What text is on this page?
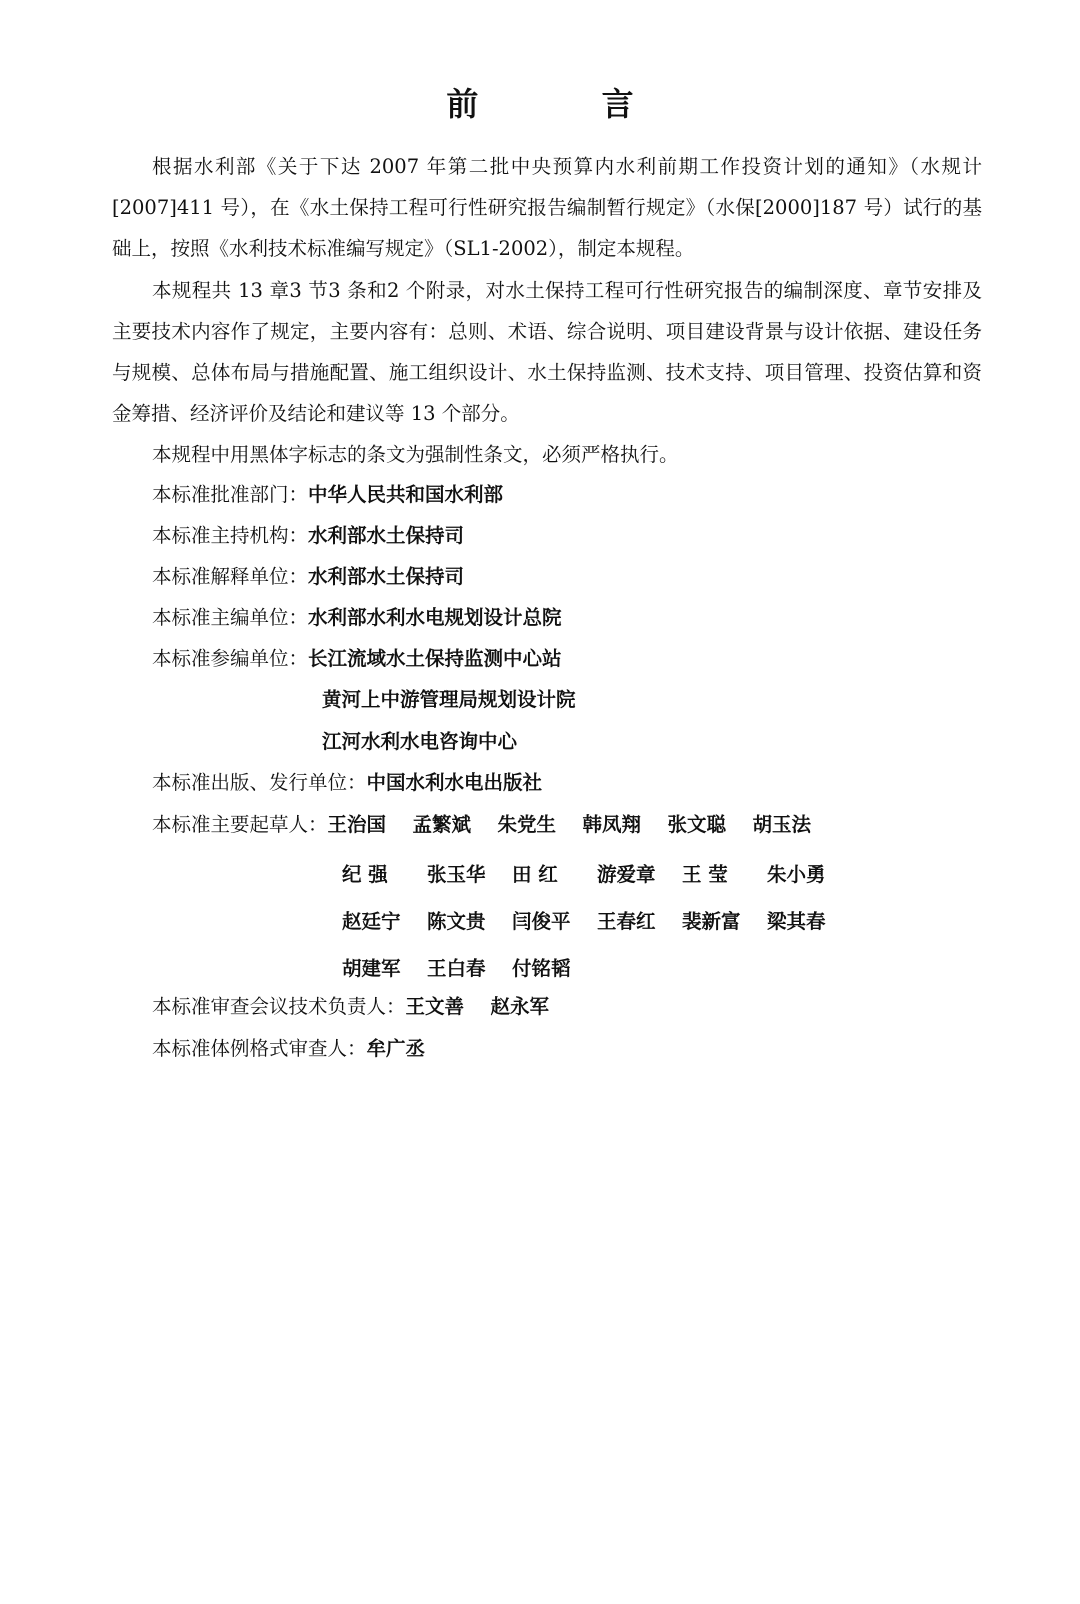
前 言

根据水利部《关于下达 2007 年第二批中央预算内水利前期工作投资计划的通知》（水规计[2007]411 号），在《水土保持工程可行性研究报告编制暂行规定》（水保[2000]187 号）试行的基础上，按照《水利技术标准编写规定》（SL1-2002），制定本规程。

本规程共 13 章3 节3 条和2 个附录，对水土保持工程可行性研究报告的编制深度、章节安排及主要技术内容作了规定，主要内容有：总则、术语、综合说明、项目建设背景与设计依据、建设任务与规模、总体布局与措施配置、施工组织设计、水土保持监测、技术支持、项目管理、投资估算和资金筹措、经济评价及结论和建议等 13 个部分。

本规程中用黑体字标志的条文为强制性条文，必须严格执行。

本标准批准部门：中华人民共和国水利部
本标准主持机构：水利部水土保持司
本标准解释单位：水利部水土保持司
本标准主编单位：水利部水利水电规划设计总院
本标准参编单位：长江流域水土保持监测中心站
黄河上中游管理局规划设计院
江河水利水电咨询中心
本标准出版、发行单位：中国水利水电出版社
本标准主要起草人：王治国 孟繁斌 朱党生 韩凤翔 张文聪 胡玉法
纪 强 张玉华 田 红 游爱章 王 莹 朱小勇
赵廷宁 陈文贵 闫俊平 王春红 裴新富 梁其春
胡建军 王白春 付铭韬
本标准审查会议技术负责人：王文善 赵永军
本标准体例格式审查人：牟广丞
